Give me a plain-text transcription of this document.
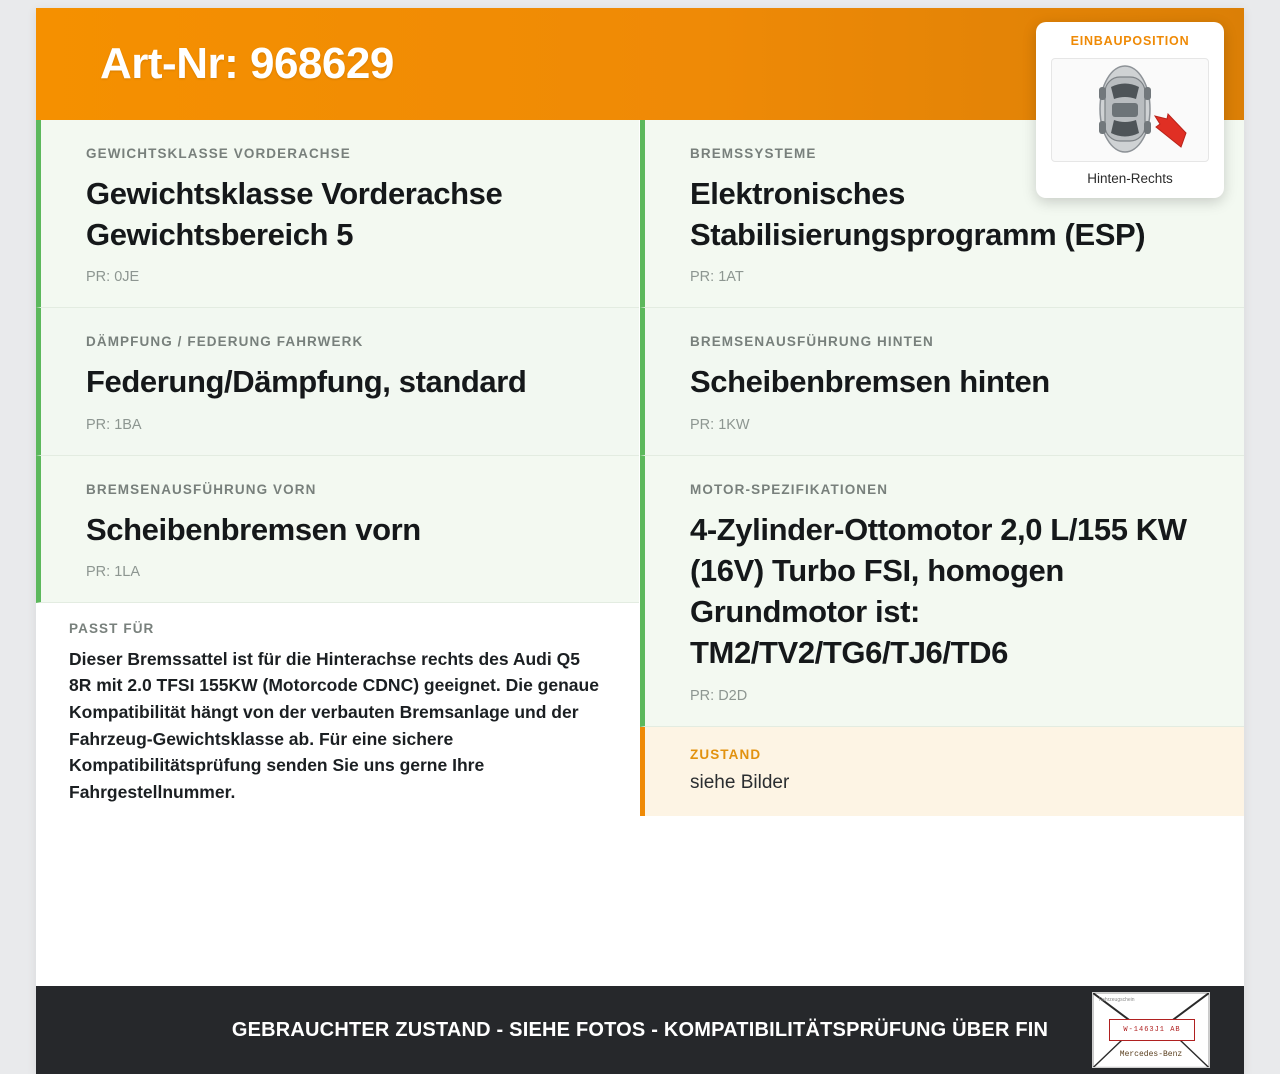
Art-Nr: 968629	EINBAUPOSITION
Hinten-Rechts
GEWICHTSKLASSE VORDERACHSE
Gewichtsklasse Vorderachse Gewichtsbereich 5
PR: 0JE
DÄMPFUNG / FEDERUNG FAHRWERK
Federung/Dämpfung, standard
PR: 1BA
BREMSENAUSFÜHRUNG VORN
Scheibenbremsen vorn
PR: 1LA
PASST FÜR
Dieser Bremssattel ist für die Hinterachse rechts des Audi Q5 8R mit 2.0 TFSI 155KW (Motorcode CDNC) geeignet. Die genaue Kompatibilität hängt von der verbauten Bremsanlage und der Fahrzeug-Gewichtsklasse ab. Für eine sichere Kompatibilitätsprüfung senden Sie uns gerne Ihre Fahrgestellnummer.
BREMSSYSTEME
Elektronisches Stabilisierungsprogramm (ESP)
PR: 1AT
BREMSENAUSFÜHRUNG HINTEN
Scheibenbremsen hinten
PR: 1KW
MOTOR-SPEZIFIKATIONEN
4-Zylinder-Ottomotor 2,0 L/155 KW (16V) Turbo FSI, homogen Grundmotor ist: TM2/TV2/TG6/TJ6/TD6
PR: D2D
ZUSTAND
siehe Bilder
GEBRAUCHTER ZUSTAND - SIEHE FOTOS - KOMPATIBILITÄTSPRÜFUNG ÜBER FIN
Fahrzeugschein
W-1463J1 AB
Mercedes-Benz
